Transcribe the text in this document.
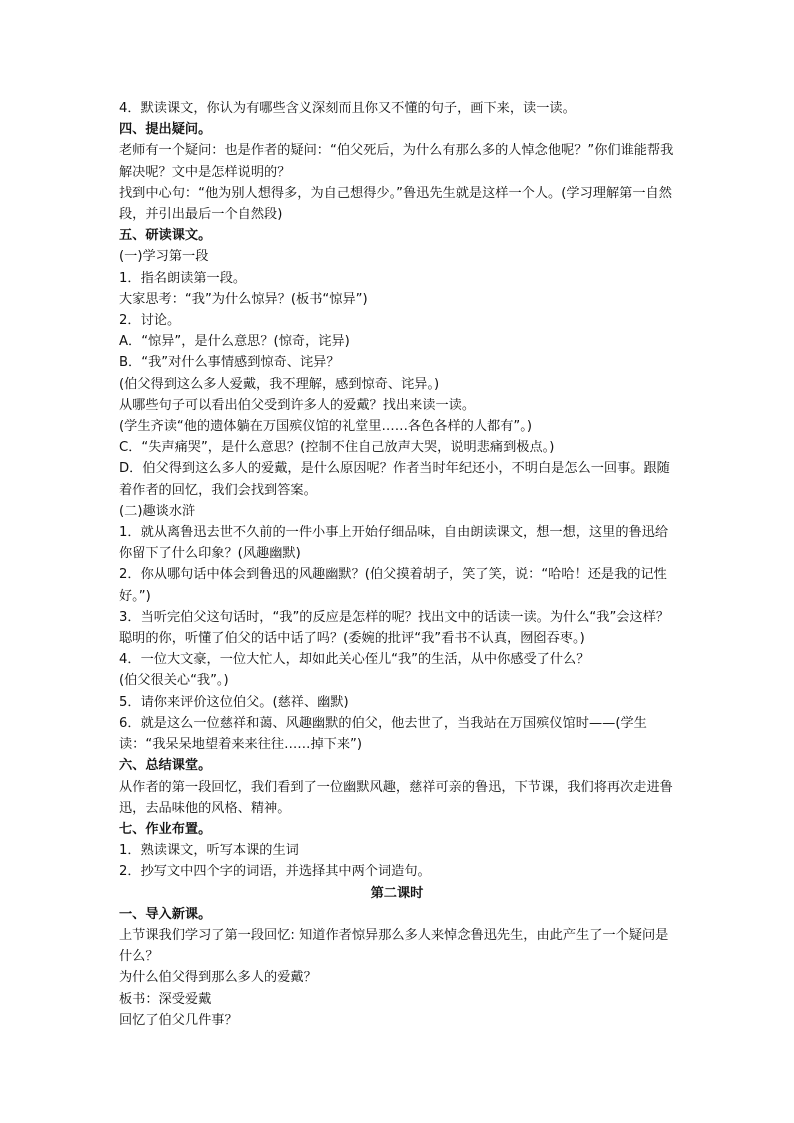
4．默读课文，你认为有哪些含义深刻而且你又不懂的句子，画下来，读一读。
四、提出疑问。
老师有一个疑问：也是作者的疑问：“伯父死后，为什么有那么多的人悼念他呢？”你们谁能帮我解决呢？文中是怎样说明的？
找到中心句：“他为别人想得多，为自己想得少。”鲁迅先生就是这样一个人。(学习理解第一自然段，并引出最后一个自然段)
五、研读课文。
(一)学习第一段
1．指名朗读第一段。
大家思考：“我”为什么惊异？(板书“惊异”)
2．讨论。
A．“惊异”，是什么意思？(惊奇，诧异)
B．“我”对什么事情感到惊奇、诧异？
(伯父得到这么多人爱戴，我不理解，感到惊奇、诧异。)
从哪些句子可以看出伯父受到许多人的爱戴？找出来读一读。
(学生齐读“他的遗体躺在万国殡仪馆的礼堂里……各色各样的人都有”。)
C．“失声痛哭”，是什么意思？(控制不住自己放声大哭，说明悲痛到极点。)
D．伯父得到这么多人的爱戴，是什么原因呢？作者当时年纪还小，不明白是怎么一回事。跟随着作者的回忆，我们会找到答案。
(二)趣谈水浒
1．就从离鲁迅去世不久前的一件小事上开始仔细品味，自由朗读课文，想一想，这里的鲁迅给你留下了什么印象？(风趣幽默)
2．你从哪句话中体会到鲁迅的风趣幽默？(伯父摸着胡子，笑了笑，说：“哈哈！还是我的记性好。”)
3．当听完伯父这句话时，“我”的反应是怎样的呢？找出文中的话读一读。为什么“我”会这样？聪明的你，听懂了伯父的话中话了吗？(委婉的批评“我”看书不认真，囫囵吞枣。)
4．一位大文豪，一位大忙人，却如此关心侄儿“我”的生活，从中你感受了什么？
(伯父很关心“我”。)
5．请你来评价这位伯父。(慈祥、幽默)
6．就是这么一位慈祥和蔼、风趣幽默的伯父，他去世了，当我站在万国殡仪馆时——(学生读：“我呆呆地望着来来往往……掉下来”)
六、总结课堂。
从作者的第一段回忆，我们看到了一位幽默风趣，慈祥可亲的鲁迅，下节课，我们将再次走进鲁迅，去品味他的风格、精神。
七、作业布置。
1．熟读课文，听写本课的生词
2．抄写文中四个字的词语，并选择其中两个词造句。
第二课时
一、导入新课。
上节课我们学习了第一段回忆: 知道作者惊异那么多人来悼念鲁迅先生，由此产生了一个疑问是什么？
为什么伯父得到那么多人的爱戴？
板书：深受爱戴
回忆了伯父几件事？
